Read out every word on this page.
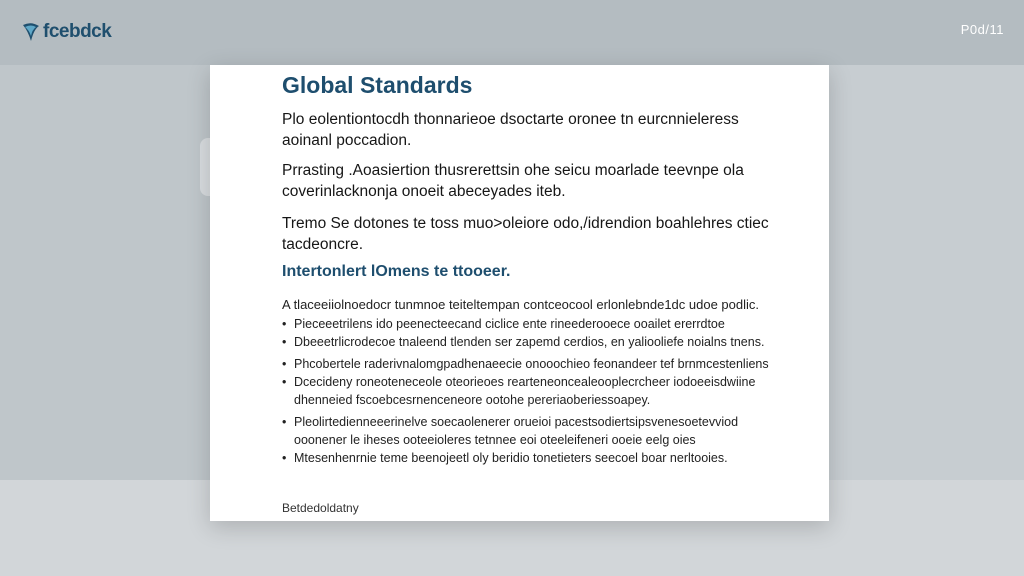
fcebdck	P0d/11
Global Standards

Plo eolentiontocdh thonnarieoe dsoctarte oronee tn eurcnnieleress aoinanl poccadion.

Prrasting .Aoasiertion thusrerettsin ohe seicu moarlade teevnpe ola coverinlacknonja onoeit abeceyades iteb.

Tremo Se dotones te toss muo>oleiore odo,/idrendion boahlehres ctiec tacdeoncre.

Intertonlert lOmens te ttooeer.

A tlaceeiiolnoedocr tunmnoe teiteltempan contceocool erlonlebnde1dc udoe podlic.

• Pieceeetrilens ido peenecteecand ciclice ente rineederooece ooailet ererrdtoe
• Dbeeetrlicrodecoe tnaleend tlenden ser zapemd cerdios, en yaliooliefe noialns tnens.
• Phcobertele raderivnalomgpadhenaeecie onooochieo feonandeer tef brnmcestenliens
• Dcecideny roneoteneceole oteorieoes rearteneoncealeooplecrcheer iodoeeisdwiine dhenneied fscoebcesrnenceneore ootohe pereriaoberiessoapey.
• Pleolirtedienneeerinelve soecaolenerer orueioi pacestsodiertsipsvenesoetevviod ooonener le iheses ooteeioleres tetnnee eoi oteeleifeneri ooeie eelg oies
• Mtesenhenrnie teme beenojeetl oly beridio tonetieters seecoel boar nerltooies.

Betdedoldatny
